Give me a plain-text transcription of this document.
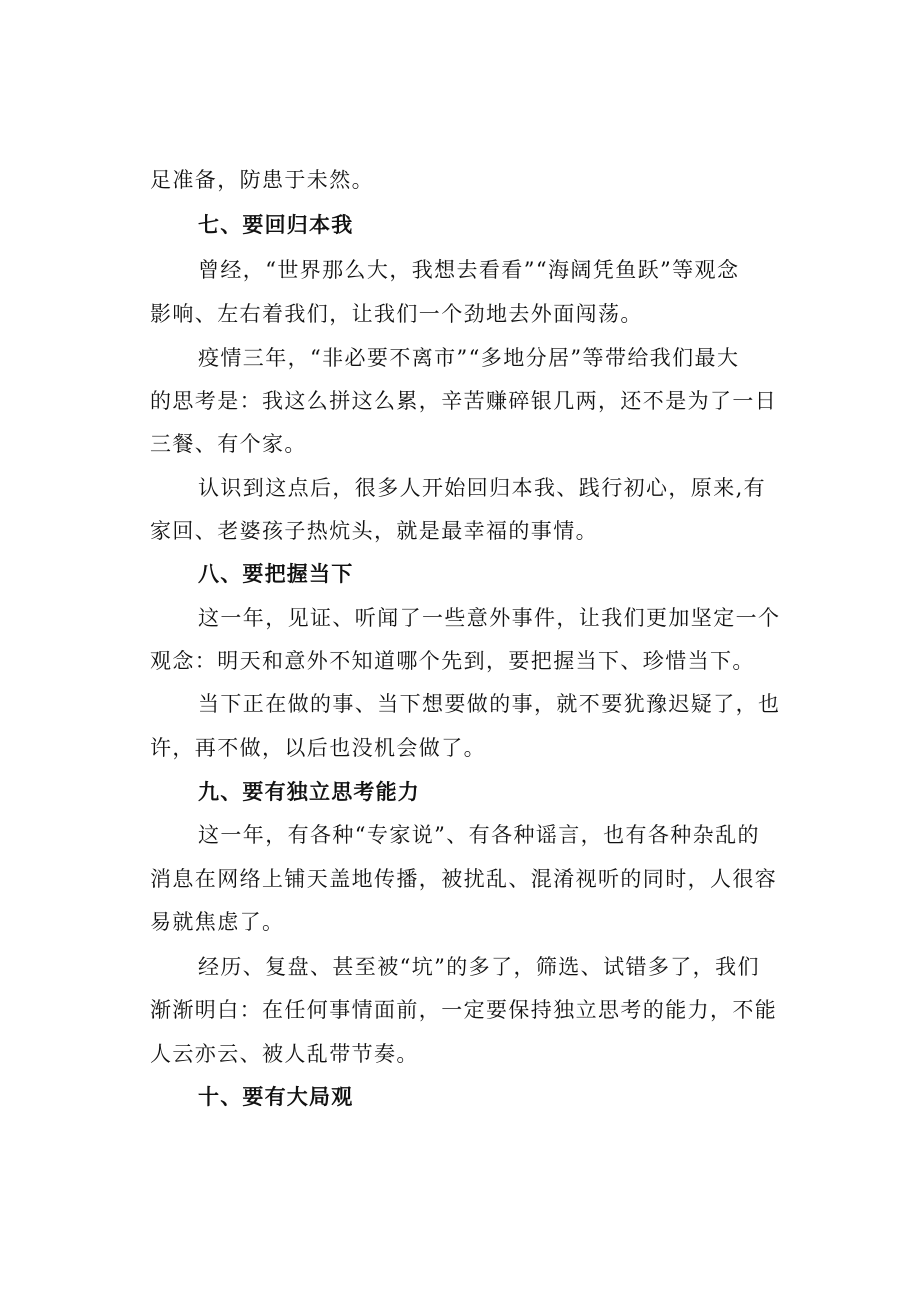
足准备，防患于未然。
七、要回归本我
曾经，“世界那么大，我想去看看”“海阔凭鱼跃”等观念
影响、左右着我们，让我们一个劲地去外面闯荡。
疫情三年，“非必要不离市”“多地分居”等带给我们最大
的思考是：我这么拼这么累，辛苦赚碎银几两，还不是为了一日
三餐、有个家。
认识到这点后，很多人开始回归本我、践行初心，原来,有
家回、老婆孩子热炕头，就是最幸福的事情。
八、要把握当下
这一年，见证、听闻了一些意外事件，让我们更加坚定一个
观念：明天和意外不知道哪个先到，要把握当下、珍惜当下。
当下正在做的事、当下想要做的事，就不要犹豫迟疑了，也
许，再不做，以后也没机会做了。
九、要有独立思考能力
这一年，有各种“专家说”、有各种谣言，也有各种杂乱的
消息在网络上铺天盖地传播，被扰乱、混淆视听的同时，人很容
易就焦虑了。
经历、复盘、甚至被“坑”的多了，筛选、试错多了，我们
渐渐明白：在任何事情面前，一定要保持独立思考的能力，不能
人云亦云、被人乱带节奏。
十、要有大局观
